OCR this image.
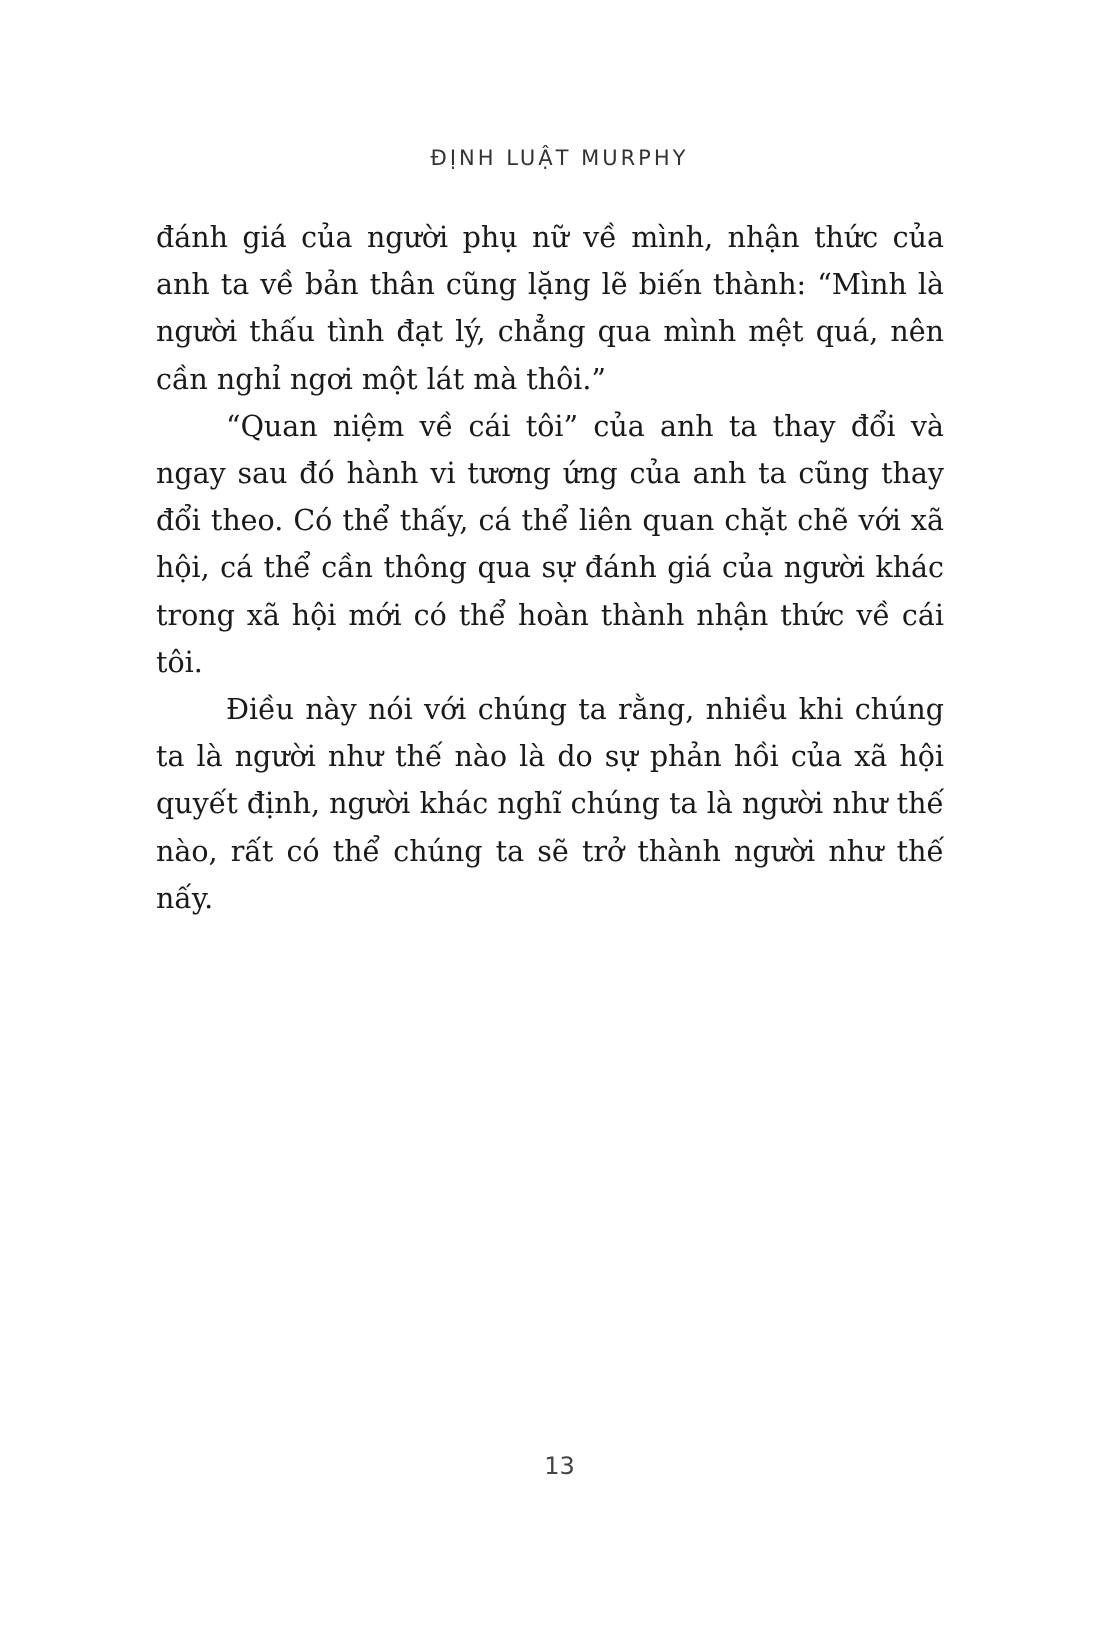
ĐỊNH LUẬT MURPHY

đánh giá của người phụ nữ về mình, nhận thức của anh ta về bản thân cũng lặng lẽ biến thành: “Mình là người thấu tình đạt lý, chẳng qua mình mệt quá, nên cần nghỉ ngơi một lát mà thôi.”

“Quan niệm về cái tôi” của anh ta thay đổi và ngay sau đó hành vi tương ứng của anh ta cũng thay đổi theo. Có thể thấy, cá thể liên quan chặt chẽ với xã hội, cá thể cần thông qua sự đánh giá của người khác trong xã hội mới có thể hoàn thành nhận thức về cái tôi.

Điều này nói với chúng ta rằng, nhiều khi chúng ta là người như thế nào là do sự phản hồi của xã hội quyết định, người khác nghĩ chúng ta là người như thế nào, rất có thể chúng ta sẽ trở thành người như thế nấy.

13
